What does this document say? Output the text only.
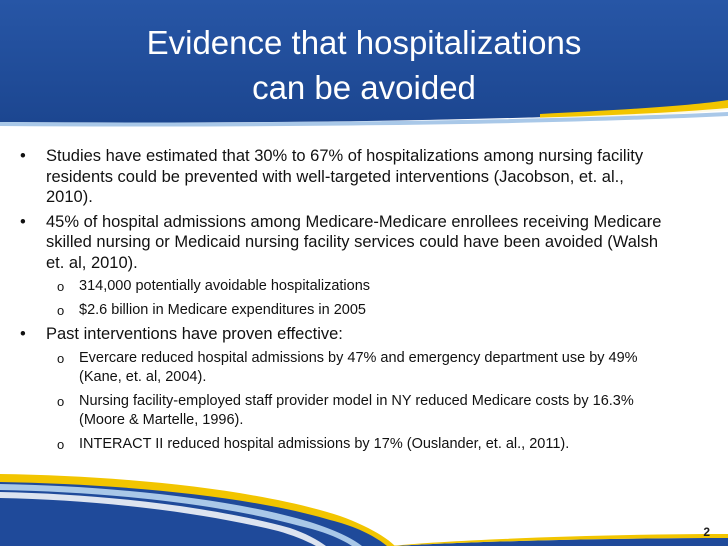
Evidence that hospitalizations
can be avoided
• Studies have estimated that 30% to 67% of hospitalizations among nursing facility residents could be prevented with well-targeted interventions (Jacobson, et. al., 2010).
• 45% of hospital admissions among Medicare-Medicare enrollees receiving Medicare skilled nursing or Medicaid nursing facility services could have been avoided (Walsh et. al, 2010).
o 314,000 potentially avoidable hospitalizations
o $2.6 billion in Medicare expenditures in 2005
• Past interventions have proven effective:
o Evercare reduced hospital admissions by 47% and emergency department use by 49% (Kane, et. al, 2004).
o Nursing facility-employed staff provider model in NY reduced Medicare costs by 16.3% (Moore & Martelle, 1996).
o INTERACT II reduced hospital admissions by 17% (Ouslander, et. al., 2011).
2
